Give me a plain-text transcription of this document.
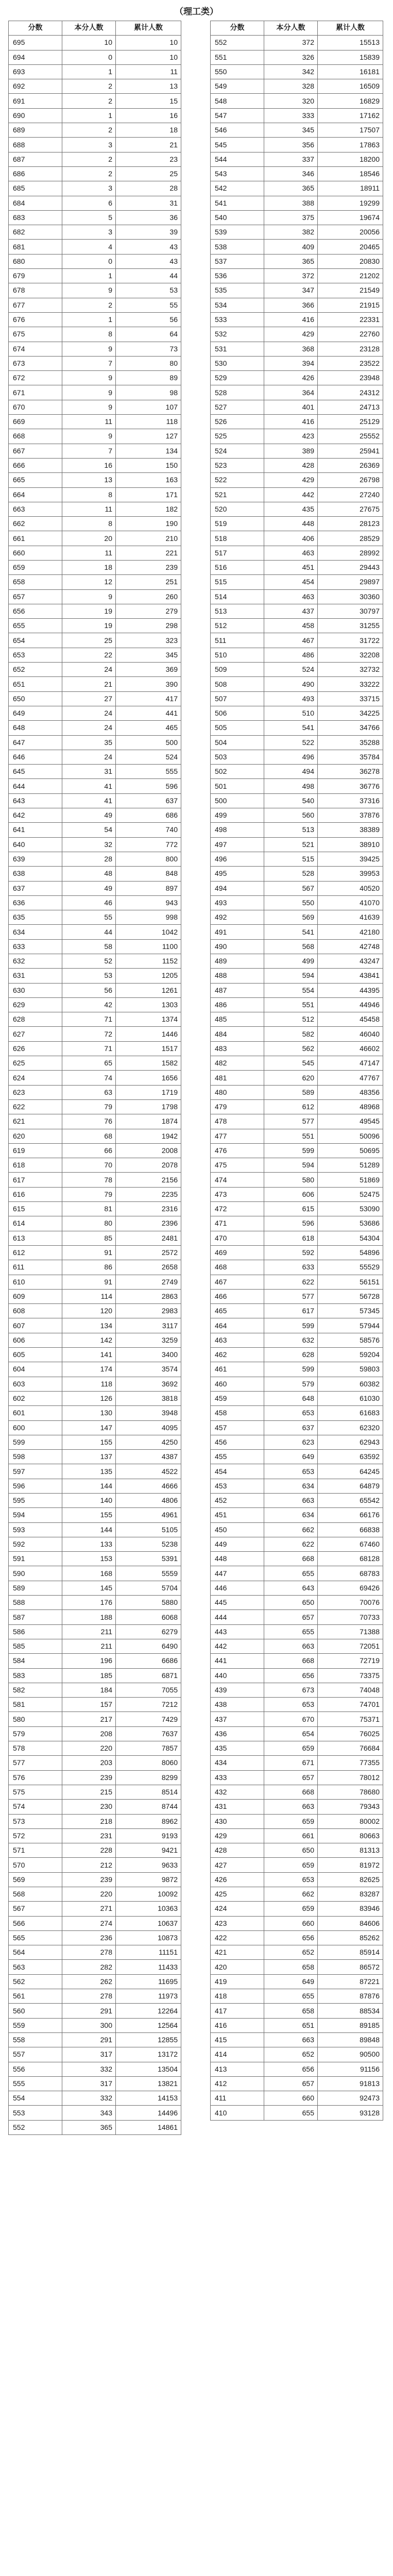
（理工类）
分数	本分人数	累计人数
695	10	10
694	0	10
693	1	11
692	2	13
691	2	15
690	1	16
689	2	18
688	3	21
687	2	23
686	2	25
685	3	28
684	6	31
683	5	36
682	3	39
681	4	43
680	0	43
679	1	44
678	9	53
677	2	55
676	1	56
675	8	64
674	9	73
673	7	80
672	9	89
671	9	98
670	9	107
669	11	118
668	9	127
667	7	134
666	16	150
665	13	163
664	8	171
663	11	182
662	8	190
661	20	210
660	11	221
659	18	239
658	12	251
657	9	260
656	19	279
655	19	298
654	25	323
653	22	345
652	24	369
651	21	390
650	27	417
649	24	441
648	24	465
647	35	500
646	24	524
645	31	555
644	41	596
643	41	637
642	49	686
641	54	740
640	32	772
639	28	800
638	48	848
637	49	897
636	46	943
635	55	998
634	44	1042
633	58	1100
632	52	1152
631	53	1205
630	56	1261
629	42	1303
628	71	1374
627	72	1446
626	71	1517
625	65	1582
624	74	1656
623	63	1719
622	79	1798
621	76	1874
620	68	1942
619	66	2008
618	70	2078
617	78	2156
616	79	2235
615	81	2316
614	80	2396
613	85	2481
612	91	2572
611	86	2658
610	91	2749
609	114	2863
608	120	2983
607	134	3117
606	142	3259
605	141	3400
604	174	3574
603	118	3692
602	126	3818
601	130	3948
600	147	4095
599	155	4250
598	137	4387
597	135	4522
596	144	4666
595	140	4806
594	155	4961
593	144	5105
592	133	5238
591	153	5391
590	168	5559
589	145	5704
588	176	5880
587	188	6068
586	211	6279
585	211	6490
584	196	6686
583	185	6871
582	184	7055
581	157	7212
580	217	7429
579	208	7637
578	220	7857
577	203	8060
576	239	8299
575	215	8514
574	230	8744
573	218	8962
572	231	9193
571	228	9421
570	212	9633
569	239	9872
568	220	10092
567	271	10363
566	274	10637
565	236	10873
564	278	11151
563	282	11433
562	262	11695
561	278	11973
560	291	12264
559	300	12564
558	291	12855
557	317	13172
556	332	13504
555	317	13821
554	332	14153
553	343	14496
552	365	14861
分数	本分人数	累计人数
552	372	15513
551	326	15839
550	342	16181
549	328	16509
548	320	16829
547	333	17162
546	345	17507
545	356	17863
544	337	18200
543	346	18546
542	365	18911
541	388	19299
540	375	19674
539	382	20056
538	409	20465
537	365	20830
536	372	21202
535	347	21549
534	366	21915
533	416	22331
532	429	22760
531	368	23128
530	394	23522
529	426	23948
528	364	24312
527	401	24713
526	416	25129
525	423	25552
524	389	25941
523	428	26369
522	429	26798
521	442	27240
520	435	27675
519	448	28123
518	406	28529
517	463	28992
516	451	29443
515	454	29897
514	463	30360
513	437	30797
512	458	31255
511	467	31722
510	486	32208
509	524	32732
508	490	33222
507	493	33715
506	510	34225
505	541	34766
504	522	35288
503	496	35784
502	494	36278
501	498	36776
500	540	37316
499	560	37876
498	513	38389
497	521	38910
496	515	39425
495	528	39953
494	567	40520
493	550	41070
492	569	41639
491	541	42180
490	568	42748
489	499	43247
488	594	43841
487	554	44395
486	551	44946
485	512	45458
484	582	46040
483	562	46602
482	545	47147
481	620	47767
480	589	48356
479	612	48968
478	577	49545
477	551	50096
476	599	50695
475	594	51289
474	580	51869
473	606	52475
472	615	53090
471	596	53686
470	618	54304
469	592	54896
468	633	55529
467	622	56151
466	577	56728
465	617	57345
464	599	57944
463	632	58576
462	628	59204
461	599	59803
460	579	60382
459	648	61030
458	653	61683
457	637	62320
456	623	62943
455	649	63592
454	653	64245
453	634	64879
452	663	65542
451	634	66176
450	662	66838
449	622	67460
448	668	68128
447	655	68783
446	643	69426
445	650	70076
444	657	70733
443	655	71388
442	663	72051
441	668	72719
440	656	73375
439	673	74048
438	653	74701
437	670	75371
436	654	76025
435	659	76684
434	671	77355
433	657	78012
432	668	78680
431	663	79343
430	659	80002
429	661	80663
428	650	81313
427	659	81972
426	653	82625
425	662	83287
424	659	83946
423	660	84606
422	656	85262
421	652	85914
420	658	86572
419	649	87221
418	655	87876
417	658	88534
416	651	89185
415	663	89848
414	652	90500
413	656	91156
412	657	91813
411	660	92473
410	655	93128
